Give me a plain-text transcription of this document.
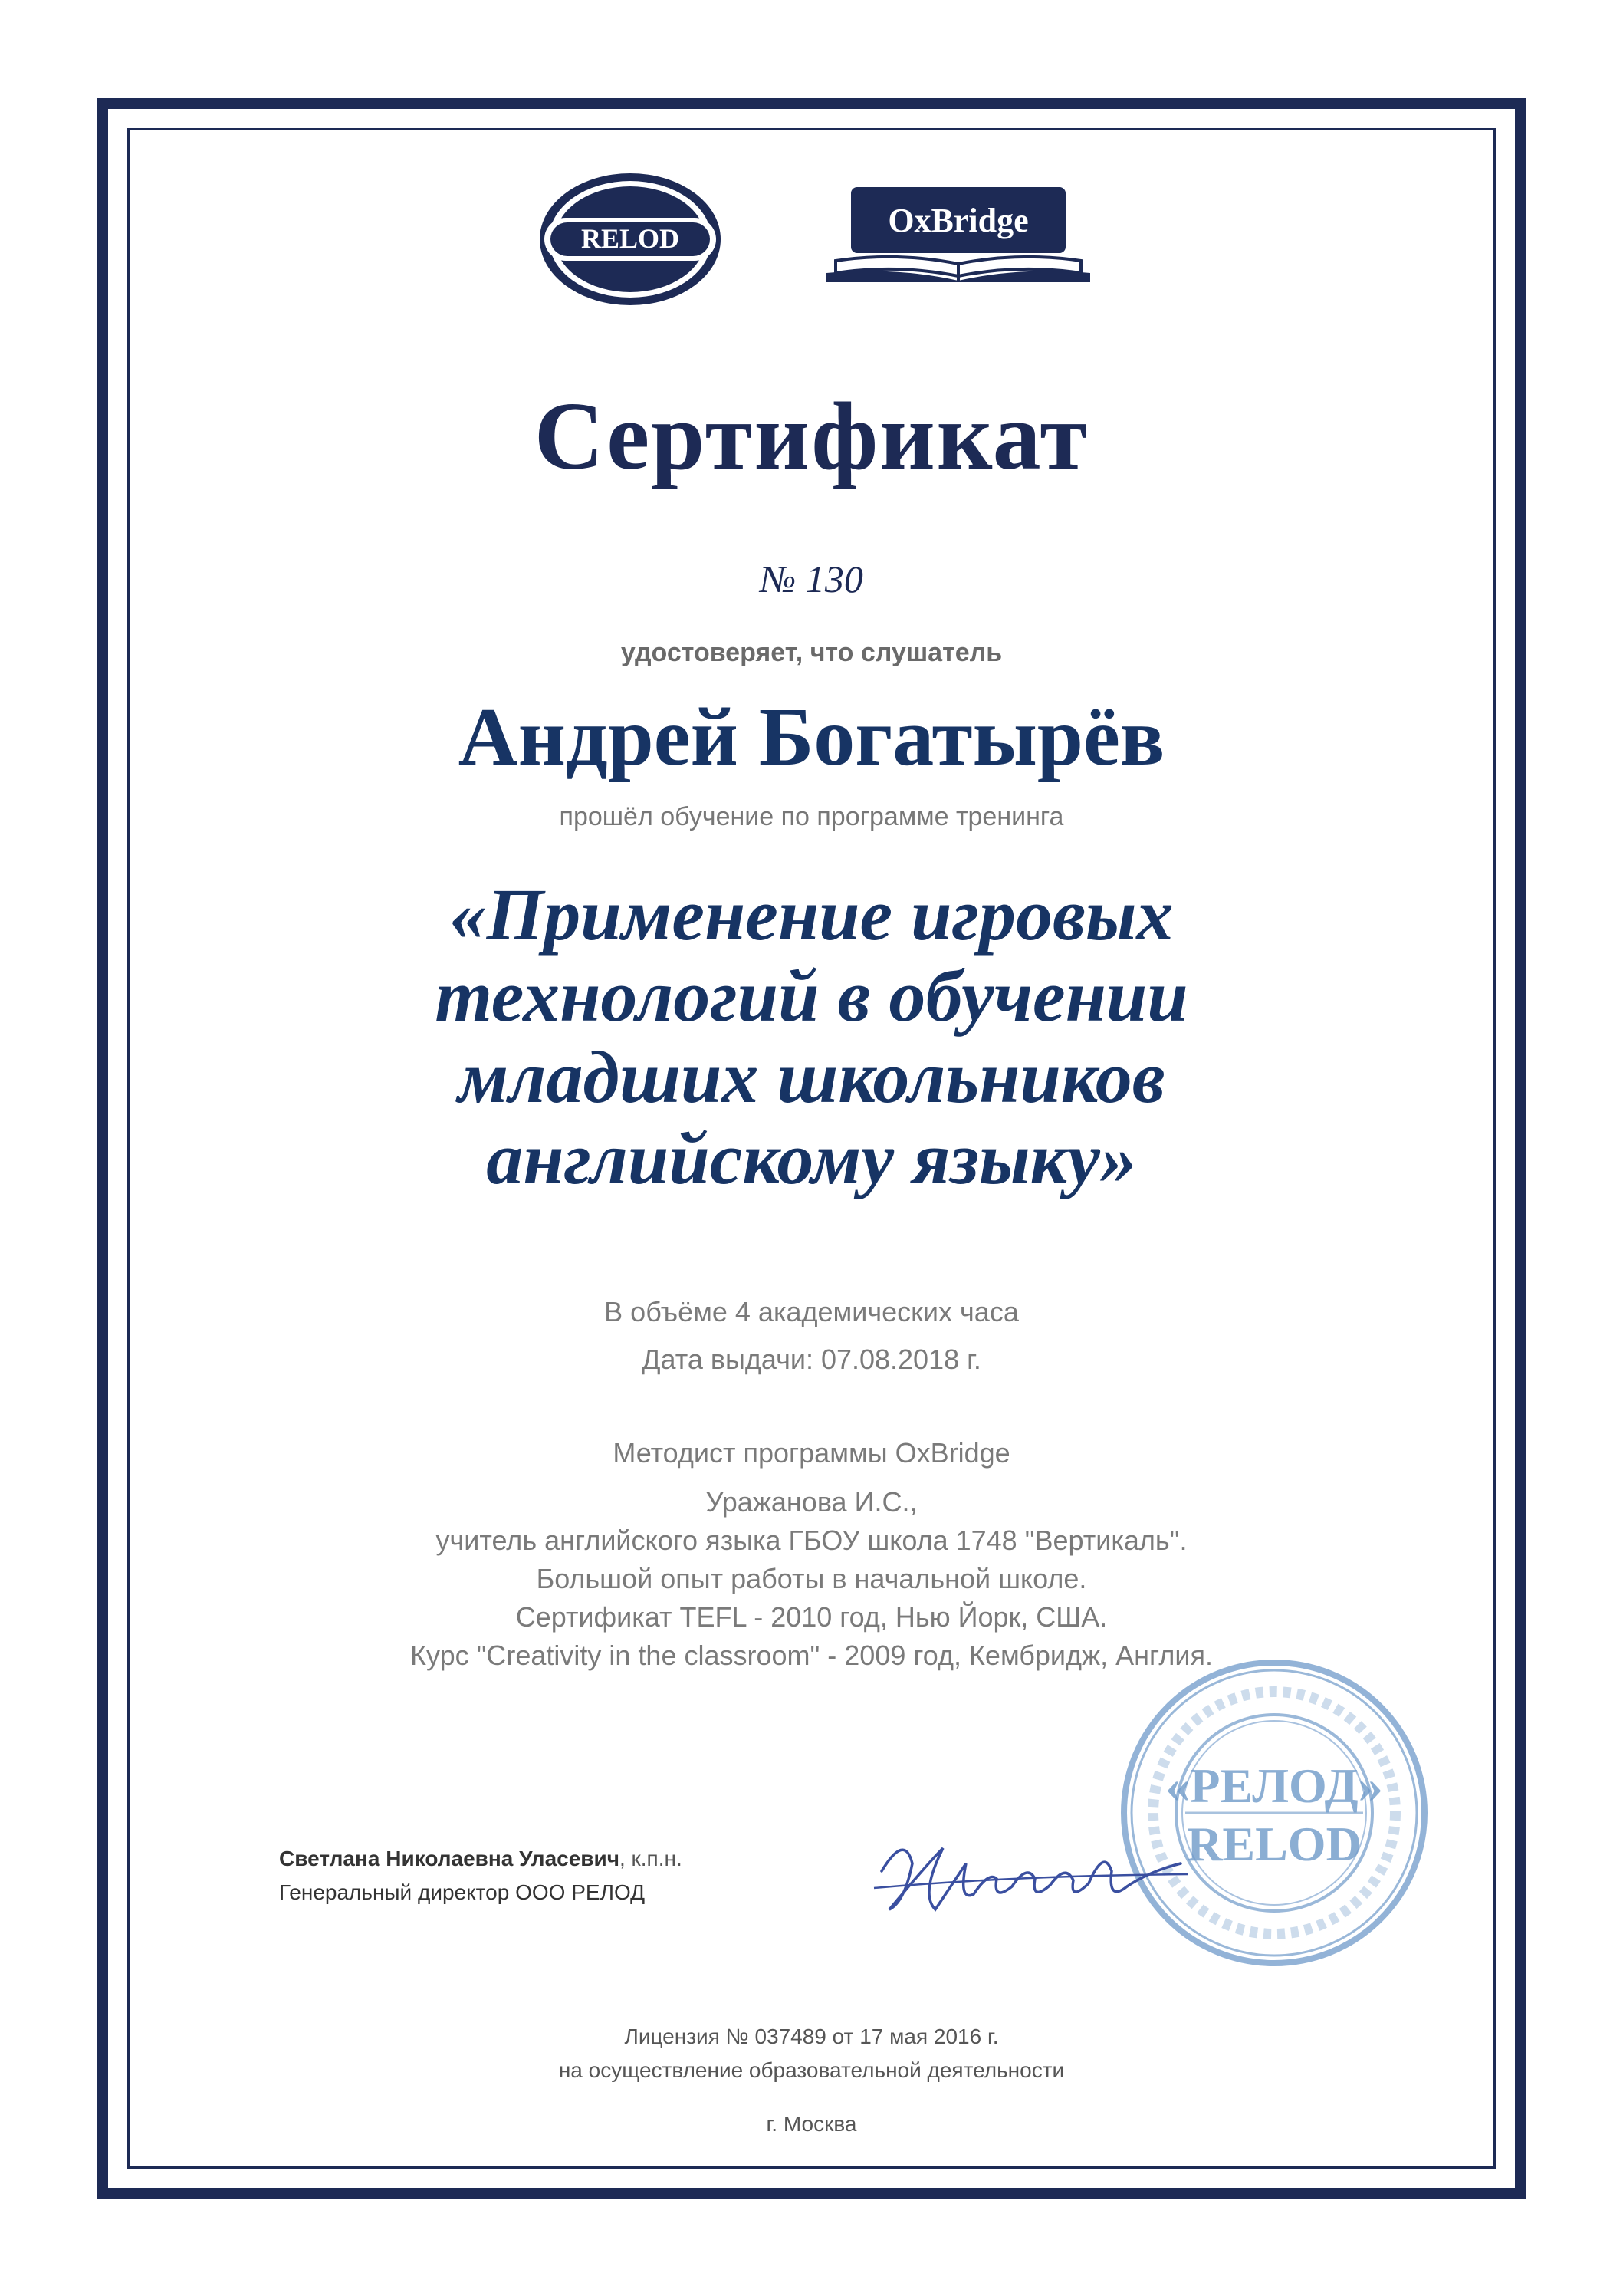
RELOD	OxBridge

Сертификат

№ 130

удостоверяет, что слушатель

Андрей Богатырёв

прошёл обучение по программе тренинга

«Применение игровых
технологий в обучении
младших школьников
английскому языку»

В объёме 4 академических часа

Дата выдачи: 07.08.2018 г.

Методист программы OxBridge

Уражанова И.С.,
учитель английского языка ГБОУ школа 1748 "Вертикаль".
Большой опыт работы в начальной школе.
Сертификат TEFL - 2010 год, Нью Йорк, США.
Курс "Creativity in the classroom" - 2009 год, Кембридж, Англия.

«РЕЛОД»
RELOD
Светлана Николаевна Уласевич, к.п.н.
Генеральный директор ООО РЕЛОД

Лицензия № 037489 от 17 мая 2016 г.
на осуществление образовательной деятельности

г. Москва
